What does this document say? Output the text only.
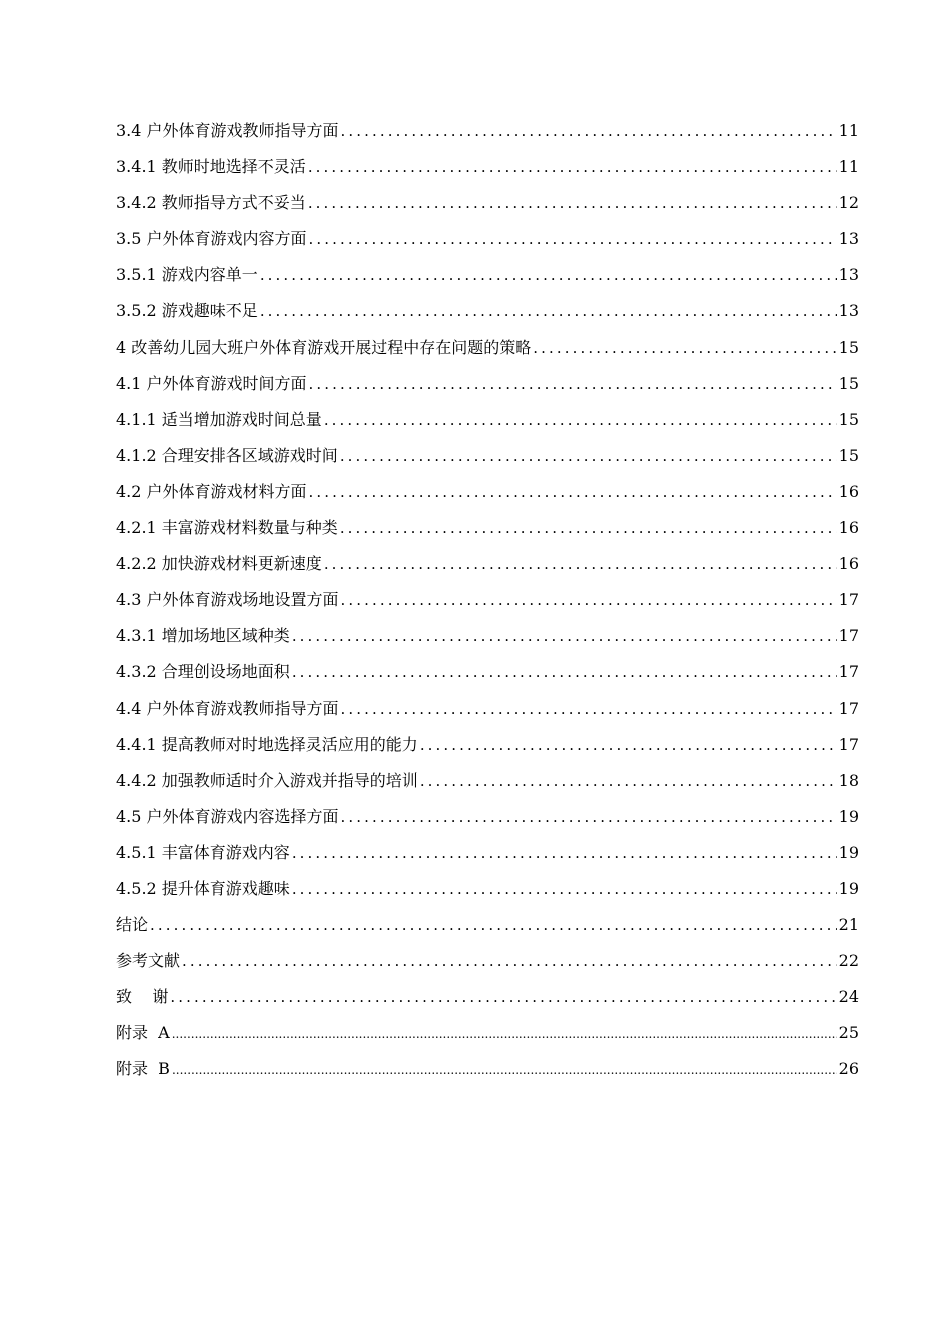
3.4 户外体育游戏教师指导方面 .....	11
3.4.1 教师时地选择不灵活 .....	11
3.4.2 教师指导方式不妥当 .....	12
3.5 户外体育游戏内容方面 .....	13
3.5.1 游戏内容单一 .....	13
3.5.2 游戏趣味不足 .....	13
4 改善幼儿园大班户外体育游戏开展过程中存在问题的策略 .....	15
4.1 户外体育游戏时间方面 .....	15
4.1.1 适当增加游戏时间总量 .....	15
4.1.2 合理安排各区域游戏时间 .....	15
4.2 户外体育游戏材料方面 .....	16
4.2.1 丰富游戏材料数量与种类 .....	16
4.2.2 加快游戏材料更新速度 .....	16
4.3 户外体育游戏场地设置方面 .....	17
4.3.1 增加场地区域种类 .....	17
4.3.2 合理创设场地面积 .....	17
4.4 户外体育游戏教师指导方面 .....	17
4.4.1 提高教师对时地选择灵活应用的能力 .....	17
4.4.2 加强教师适时介入游戏并指导的培训 .....	18
4.5 户外体育游戏内容选择方面 .....	19
4.5.1 丰富体育游戏内容 .....	19
4.5.2 提升体育游戏趣味 .....	19
结论 .....	21
参考文献 .....	22
致    谢 .....	24
附录  A .....	25
附录  B .....	26
